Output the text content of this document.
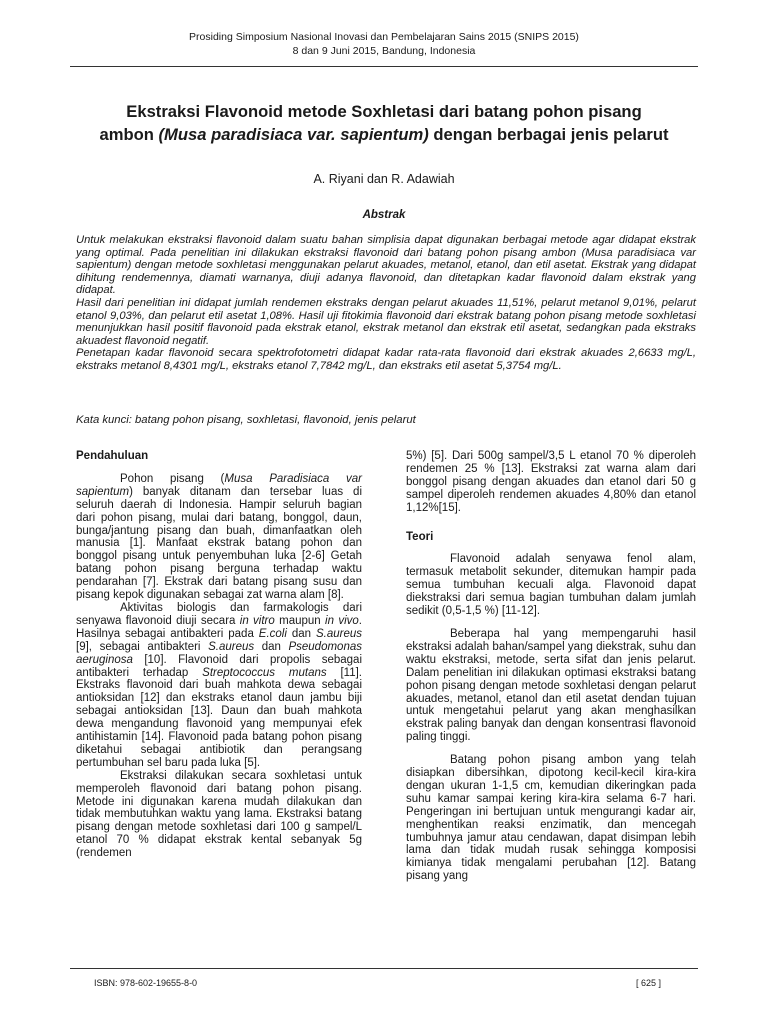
Prosiding Simposium Nasional Inovasi dan Pembelajaran Sains 2015 (SNIPS 2015)
8 dan 9 Juni 2015, Bandung, Indonesia
Ekstraksi Flavonoid metode Soxhletasi dari batang pohon pisang
ambon (Musa paradisiaca var. sapientum) dengan berbagai jenis pelarut
A. Riyani dan R. Adawiah
Abstrak

Untuk melakukan ekstraksi flavonoid dalam suatu bahan simplisia dapat digunakan berbagai metode agar didapat ekstrak yang optimal. Pada penelitian ini dilakukan ekstraksi flavonoid dari batang pohon pisang ambon (Musa paradisiaca var sapientum) dengan metode soxhletasi menggunakan pelarut akuades, metanol, etanol, dan etil asetat. Ekstrak yang didapat dihitung rendemennya, diamati warnanya, diuji adanya flavonoid, dan ditetapkan kadar flavonoid dalam ekstrak yang didapat.

Hasil dari penelitian ini didapat jumlah rendemen ekstraks dengan pelarut akuades 11,51%, pelarut metanol 9,01%, pelarut etanol 9,03%, dan pelarut etil asetat 1,08%. Hasil uji fitokimia flavonoid dari ekstrak batang pohon pisang metode soxhletasi menunjukkan hasil positif flavonoid pada ekstrak etanol, ekstrak metanol dan ekstrak etil asetat, sedangkan pada ekstraks akuadest flavonoid negatif.

Penetapan kadar flavonoid secara spektrofotometri didapat kadar rata-rata flavonoid dari ekstrak akuades 2,6633 mg/L, ekstraks metanol 8,4301 mg/L, ekstraks etanol 7,7842 mg/L, dan ekstraks etil asetat 5,3754 mg/L.

Kata kunci: batang pohon pisang, soxhletasi, flavonoid, jenis pelarut

Pendahuluan

Pohon pisang (Musa Paradisiaca var sapientum) banyak ditanam dan tersebar luas di seluruh daerah di Indonesia. Hampir seluruh bagian dari pohon pisang, mulai dari batang, bonggol, daun, bunga/jantung pisang dan buah, dimanfaatkan oleh manusia [1]. Manfaat ekstrak batang pohon dan bonggol pisang untuk penyembuhan luka [2-6] Getah batang pohon pisang berguna terhadap waktu pendarahan [7]. Ekstrak dari batang pisang susu dan pisang kepok digunakan sebagai zat warna alam [8].

Aktivitas biologis dan farmakologis dari senyawa flavonoid diuji secara in vitro maupun in vivo. Hasilnya sebagai antibakteri pada E.coli dan S.aureus [9], sebagai antibakteri S.aureus dan Pseudomonas aeruginosa [10]. Flavonoid dari propolis sebagai antibakteri terhadap Streptococcus mutans [11]. Ekstraks flavonoid dari buah mahkota dewa sebagai antioksidan [12] dan ekstraks etanol daun jambu biji sebagai antioksidan [13]. Daun dan buah mahkota dewa mengandung flavonoid yang mempunyai efek antihistamin [14]. Flavonoid pada batang pohon pisang diketahui sebagai antibiotik dan perangsang pertumbuhan sel baru pada luka [5].

Ekstraksi dilakukan secara soxhletasi untuk memperoleh flavonoid dari batang pohon pisang. Metode ini digunakan karena mudah dilakukan dan tidak membutuhkan waktu yang lama. Ekstraksi batang pisang dengan metode soxhletasi dari 100 g sampel/L etanol 70 % didapat ekstrak kental sebanyak 5g (rendemen

5%) [5]. Dari 500g sampel/3,5 L etanol 70 % diperoleh rendemen 25 % [13]. Ekstraksi zat warna alam dari bonggol pisang dengan akuades dan etanol dari 50 g sampel diperoleh rendemen akuades 4,80% dan etanol 1,12%[15].

Teori

Flavonoid adalah senyawa fenol alam, termasuk metabolit sekunder, ditemukan hampir pada semua tumbuhan kecuali alga. Flavonoid dapat diekstraksi dari semua bagian tumbuhan dalam jumlah sedikit (0,5-1,5 %) [11-12].

Beberapa hal yang mempengaruhi hasil ekstraksi adalah bahan/sampel yang diekstrak, suhu dan waktu ekstraksi, metode, serta sifat dan jenis pelarut. Dalam penelitian ini dilakukan optimasi ekstraksi batang pohon pisang dengan metode soxhletasi dengan pelarut akuades, metanol, etanol dan etil asetat dendan tujuan untuk mengetahui pelarut yang akan menghasilkan ekstrak paling banyak dan dengan konsentrasi flavonoid paling tinggi.

Batang pohon pisang ambon yang telah disiapkan dibersihkan, dipotong kecil-kecil kira-kira dengan ukuran 1-1,5 cm, kemudian dikeringkan pada suhu kamar sampai kering kira-kira selama 6-7 hari. Pengeringan ini bertujuan untuk mengurangi kadar air, menghentikan reaksi enzimatik, dan mencegah tumbuhnya jamur atau cendawan, dapat disimpan lebih lama dan tidak mudah rusak sehingga komposisi kimianya tidak mengalami perubahan [12]. Batang pisang yang

ISBN: 978-602-19655-8-0	[ 625 ]
